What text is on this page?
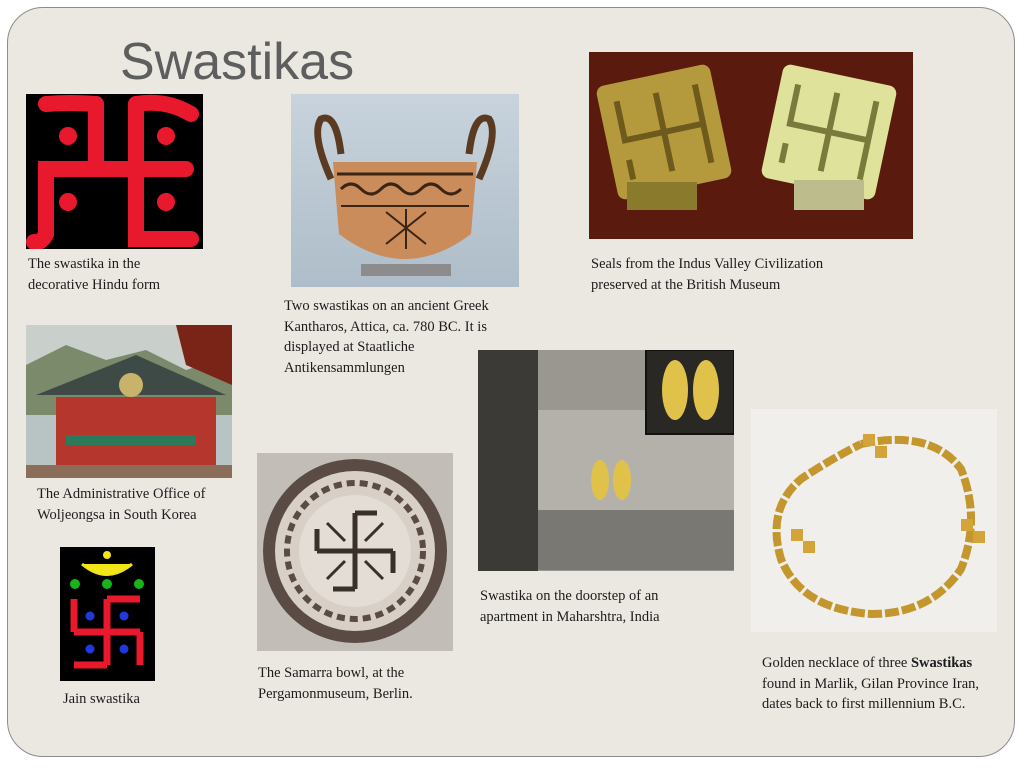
Swastikas
The swastika in the decorative Hindu form
Two swastikas on an ancient Greek Kantharos, Attica, ca. 780 BC. It is displayed at Staatliche Antikensammlungen
Seals from the Indus Valley Civilization preserved at the British Museum
The Administrative Office of Woljeongsa in South Korea
Jain swastika
The Samarra bowl, at the Pergamonmuseum, Berlin.
Swastika on the doorstep of an apartment in Maharshtra, India
Golden necklace of three Swastikas found in Marlik, Gilan Province Iran, dates back to first millennium B.C.
